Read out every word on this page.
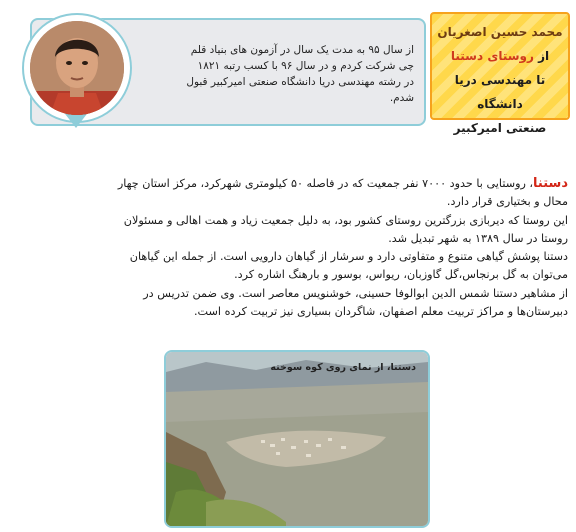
از سال ۹۵ به مدت یک سال در آزمون های بنیاد قلم
چی شرکت کردم و در سال ۹۶ با کسب رتبه ۱۸۲۱
در رشته مهندسی دریا دانشگاه صنعتی امیرکبیر قبول
شدم.
محمد حسین اصغریان
از روستای دستنا
تا مهندسی دریا دانشگاه
صنعتی امیرکبیر

دستنا، روستایی با حدود ۷۰۰۰ نفر جمعیت که در فاصله ۵۰ کیلومتری شهرکرد، مرکز استان چهار

محال و بختیاری قرار دارد.

این روستا که دیربازی بزرگترین روستای کشور بود، به دلیل جمعیت زیاد و همت اهالی و مسئولان

روستا در سال ۱۳۸۹ به شهر تبدیل شد.

دستنا پوشش گیاهی متنوع و متفاوتی دارد و سرشار از گیاهان دارویی است. از جمله این گیاهان

می‌توان به گل برنجاس،گل گاوزبان، ریواس، بوسور و بارهنگ اشاره کرد.

از مشاهیر دستنا شمس الدین ابوالوفا حسینی، خوشنویس معاصر است. وی ضمن تدریس در

دبیرستان‌ها و مراکز تربیت معلم اصفهان، شاگردان بسیاری نیز تربیت کرده است.

دستنا، از نمای روی کوه سوخته
